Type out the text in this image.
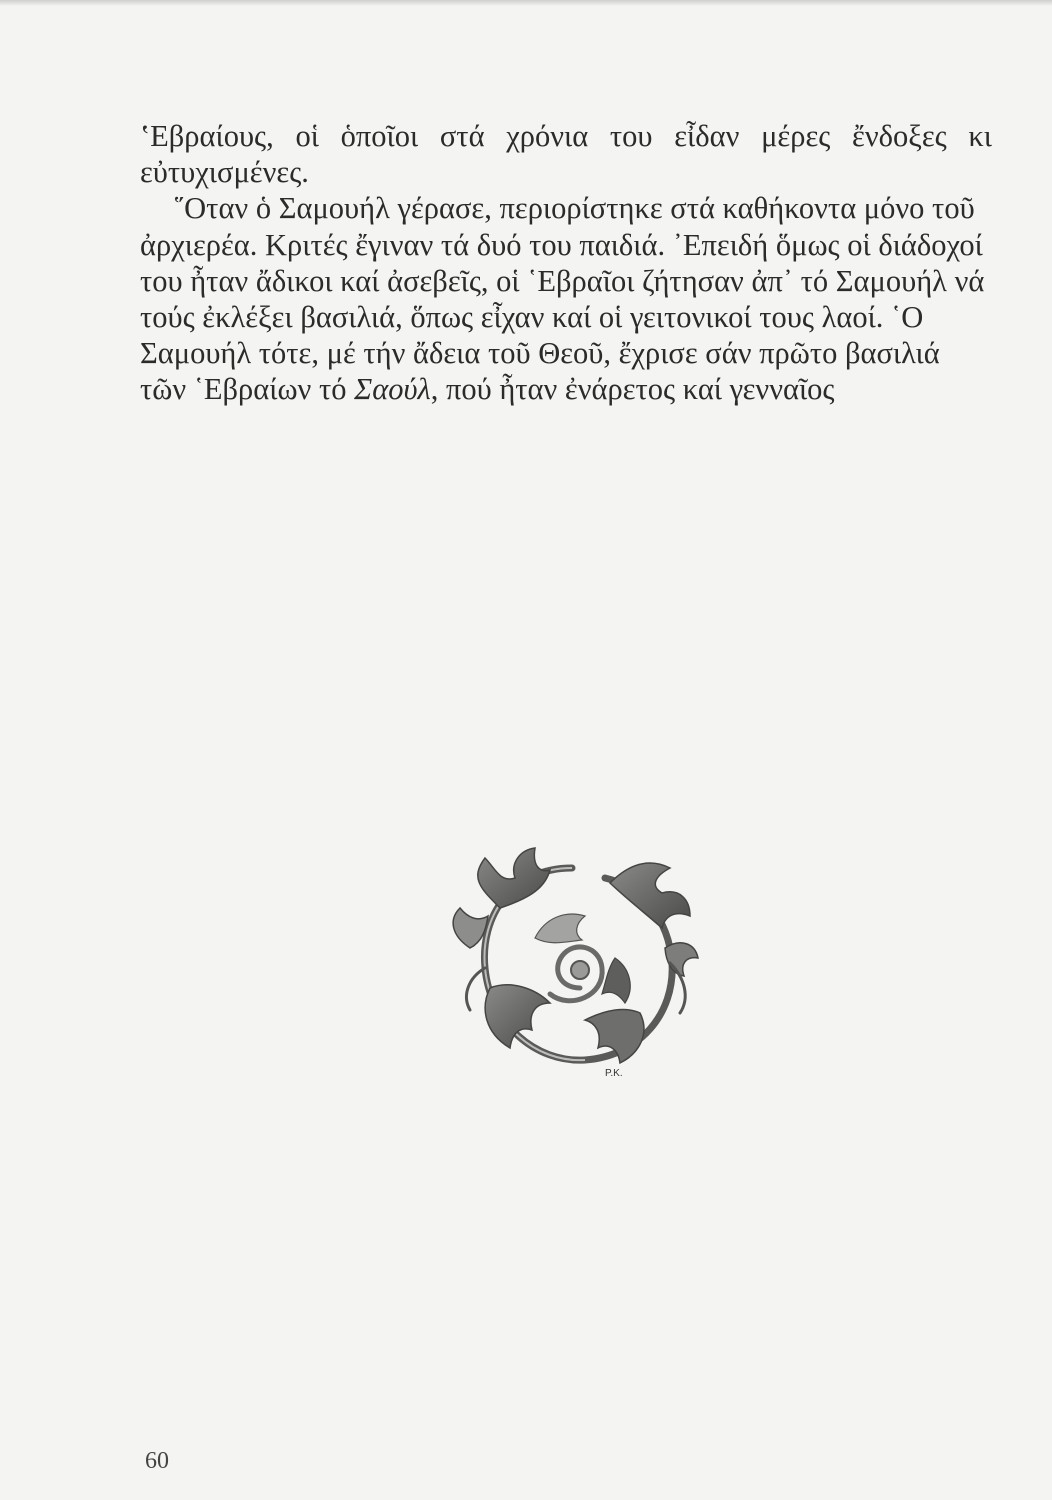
ʽΕβραίους, οἱ ὁποῖοι στά χρόνια του εἶδαν μέρες ἔνδοξες κι εὐτυχισμένες.

῞Οταν ὁ Σαμουήλ γέρασε, περιορίστηκε στά καθήκοντα μόνο τοῦ ἀρχιερέα. Κριτές ἔγιναν τά δυό του παιδιά. ᾿Επειδή ὅμως οἱ διάδοχοί του ἦταν ἄδικοι καί ἀσεβεῖς, οἱ ῾Εβραῖοι ζήτησαν ἀπ᾿ τό Σαμουήλ νά τούς ἐκλέξει βασιλιά, ὅπως εἶχαν καί οἱ γειτονικοί τους λαοί. ῾Ο Σαμουήλ τότε, μέ τήν ἄδεια τοῦ Θεοῦ, ἔχρισε σάν πρῶτο βασιλιά τῶν ῾Εβραίων τό Σαούλ, πού ἦταν ἐνάρετος καί γενναῖος

P.K.
60
